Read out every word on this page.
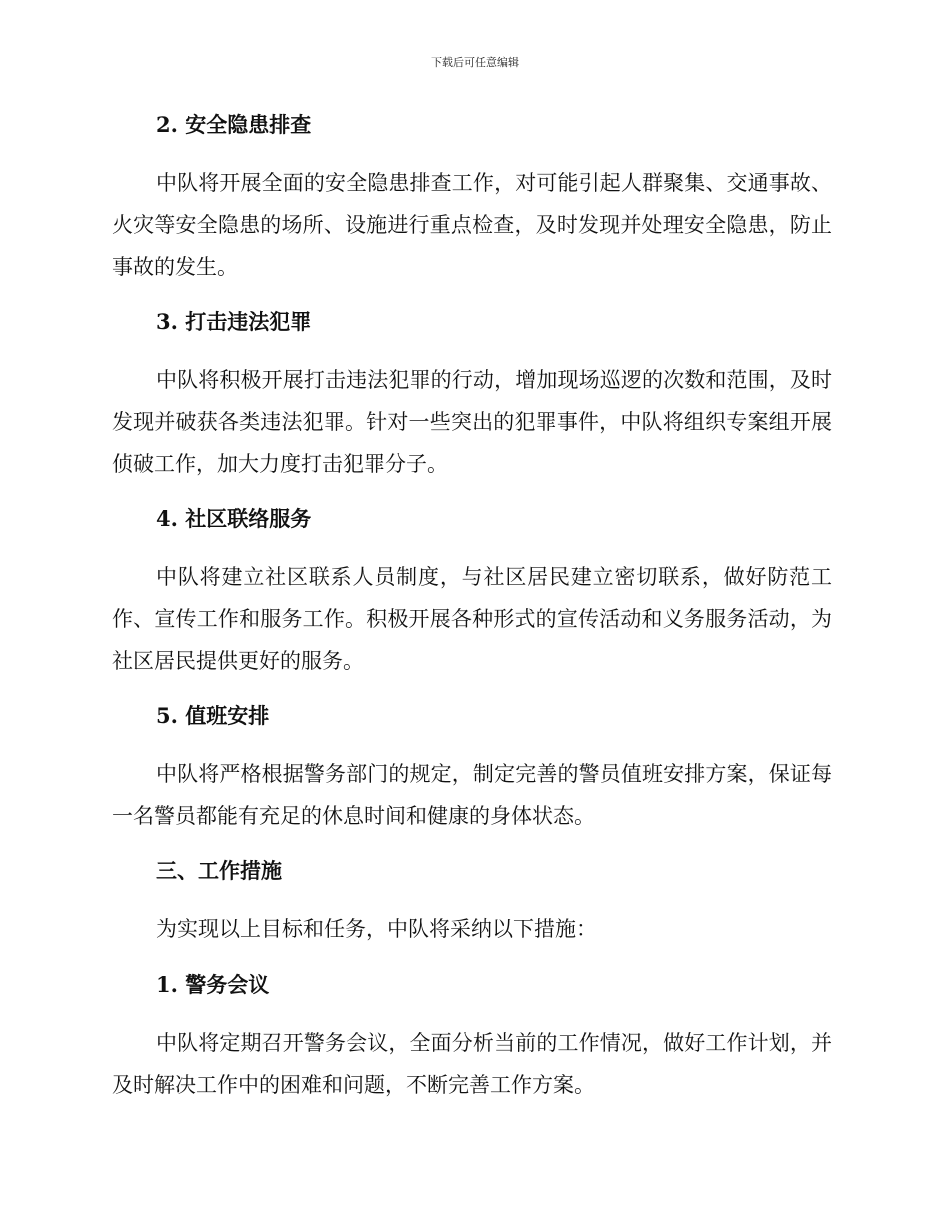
下载后可任意编辑
2. 安全隐患排查

中队将开展全面的安全隐患排查工作，对可能引起人群聚集、交通事故、火灾等安全隐患的场所、设施进行重点检查，及时发现并处理安全隐患，防止事故的发生。

3. 打击违法犯罪

中队将积极开展打击违法犯罪的行动，增加现场巡逻的次数和范围，及时发现并破获各类违法犯罪。针对一些突出的犯罪事件，中队将组织专案组开展侦破工作，加大力度打击犯罪分子。

4. 社区联络服务

中队将建立社区联系人员制度，与社区居民建立密切联系，做好防范工作、宣传工作和服务工作。积极开展各种形式的宣传活动和义务服务活动，为社区居民提供更好的服务。

5. 值班安排

中队将严格根据警务部门的规定，制定完善的警员值班安排方案，保证每一名警员都能有充足的休息时间和健康的身体状态。

三、工作措施

为实现以上目标和任务，中队将采纳以下措施：

1. 警务会议

中队将定期召开警务会议，全面分析当前的工作情况，做好工作计划，并及时解决工作中的困难和问题，不断完善工作方案。
